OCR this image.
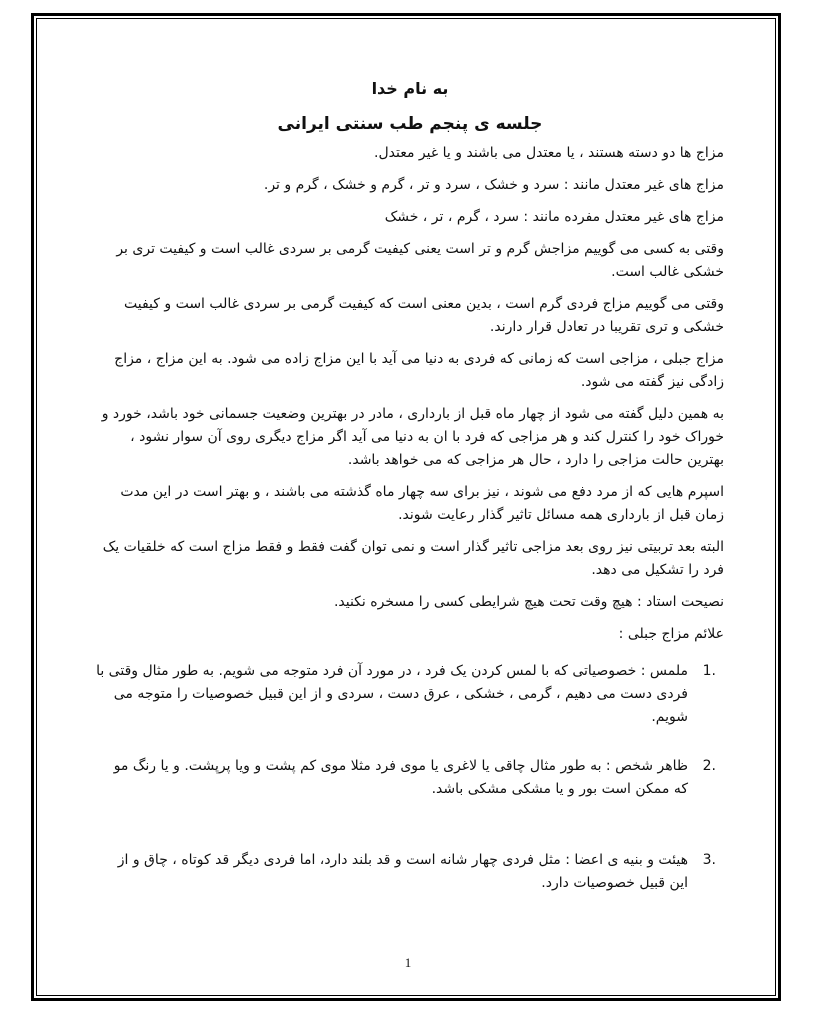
به نام خدا
جلسه ی پنجم طب سنتی ایرانی

مزاج ها دو دسته هستند ، یا معتدل می باشند و یا غیر معتدل.

مزاج های غیر معتدل مانند : سرد و خشک ، سرد و تر ، گرم و خشک ، گرم و تر.

مزاج های غیر معتدل مفرده مانند : سرد ، گرم ، تر ، خشک

وقتی به کسی می گوییم مزاجش گرم و تر است یعنی کیفیت گرمی بر سردی غالب است و کیفیت تری بر خشکی غالب است.

وقتی می گوییم مزاج فردی گرم است ، بدین معنی است که کیفیت گرمی بر سردی غالب است و کیفیت خشکی و تری تقریبا در تعادل قرار دارند.

مزاج جبلی ، مزاجی است که زمانی که فردی به دنیا می آید با این مزاج زاده می شود. به این مزاج ، مزاج زادگی نیز گفته می شود.

به همین دلیل گفته می شود از چهار ماه قبل از بارداری ، مادر در بهترین وضعیت جسمانی خود باشد، خورد و خوراک خود را کنترل کند و هر مزاجی که فرد با ان به دنیا می آید اگر مزاج دیگری روی آن سوار نشود ، بهترین حالت مزاجی را دارد ، حال هر مزاجی که می خواهد باشد.

اسپرم هایی که از مرد دفع می شوند ، نیز برای سه چهار ماه گذشته می باشند ، و بهتر است در این مدت زمان قبل از بارداری همه مسائل تاثیر گذار رعایت شوند.

البته بعد تربیتی نیز روی بعد مزاجی تاثیر گذار است و نمی توان گفت فقط و فقط مزاج است که خلقیات یک فرد را تشکیل می دهد.

نصیحت استاد : هیچ وقت تحت هیچ شرایطی کسی را مسخره نکنید.

علائم مزاج جبلی :

1.
ملمس : خصوصیاتی که با لمس کردن یک فرد ، در مورد آن فرد متوجه می شویم. به طور مثال وقتی با فردی دست می دهیم ، گرمی ، خشکی ، عرق دست ، سردی و از این قبیل خصوصیات را متوجه می شویم.
2.
ظاهر شخص : به طور مثال چاقی یا لاغری یا موی فرد مثلا موی کم پشت و ویا پرپشت. و یا رنگ مو که ممکن است بور و یا مشکی مشکی باشد.
3.
هیئت و بنیه ی اعضا : مثل فردی چهار شانه است و قد بلند دارد، اما فردی دیگر قد کوتاه ، چاق و از این قبیل خصوصیات دارد.
1
